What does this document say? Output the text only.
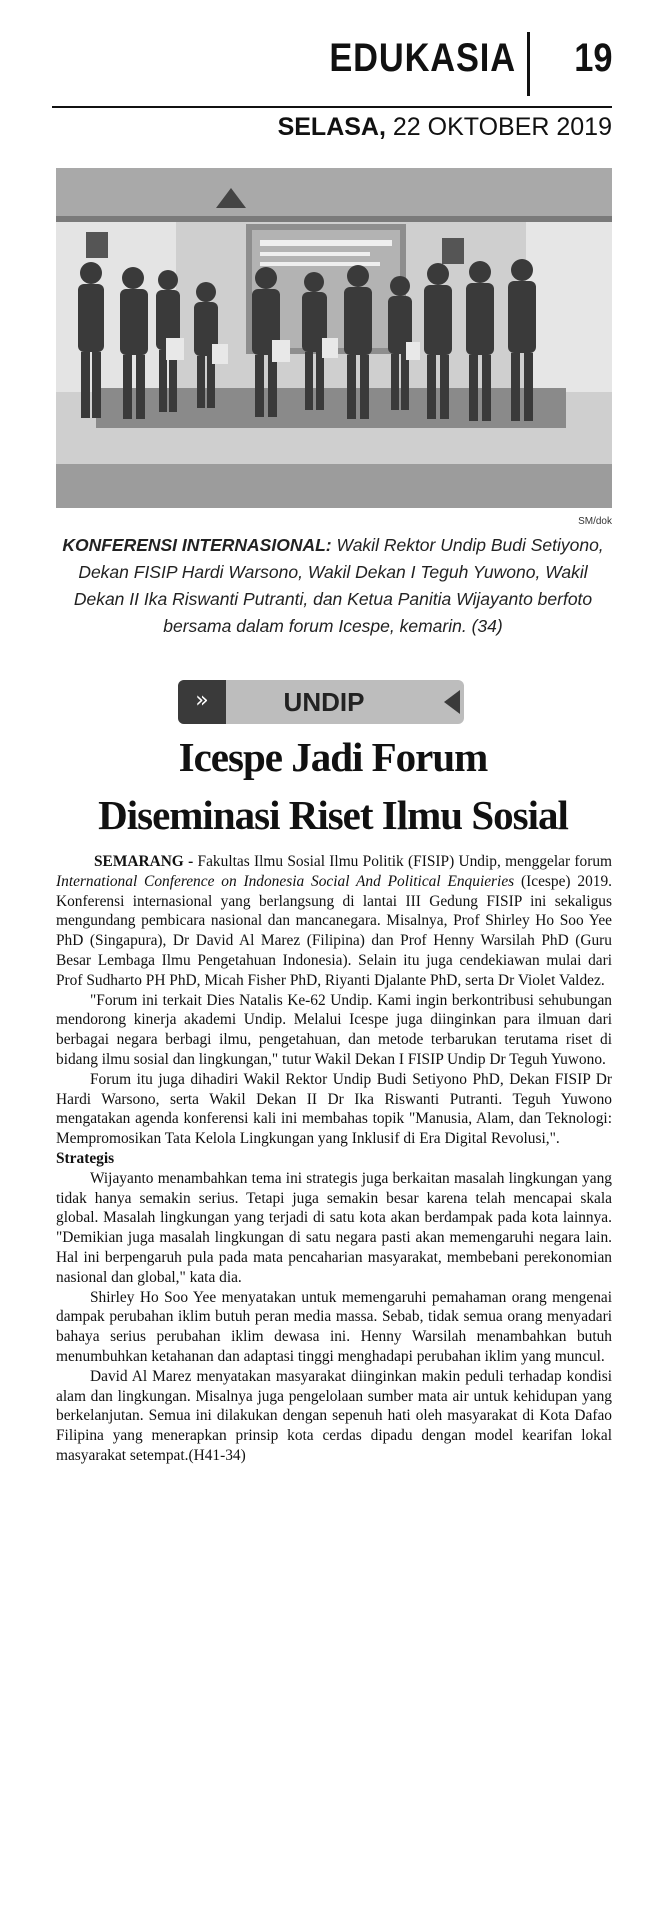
EDUKASIA 19
SELASA, 22 OKTOBER 2019
SM/dok
KONFERENSI INTERNASIONAL: Wakil Rektor Undip Budi Setiyono, Dekan FISIP Hardi Warsono, Wakil Dekan I Teguh Yuwono, Wakil Dekan II Ika Riswanti Putranti, dan Ketua Panitia Wijayanto berfoto bersama dalam forum Icespe, kemarin. (34)
»	UNDIP
Icespe Jadi Forum
Diseminasi Riset Ilmu Sosial

SEMARANG - Fakultas Ilmu Sosial Ilmu Politik (FISIP) Undip, menggelar forum International Conference on Indonesia Social And Political Enquieries (Icespe) 2019. Konferensi internasional yang berlangsung di lantai III Gedung FISIP ini sekaligus mengundang pembicara nasional dan mancanegara. Misalnya, Prof Shirley Ho Soo Yee PhD (Singapura), Dr David Al Marez (Filipina) dan Prof Henny Warsilah PhD (Guru Besar Lembaga Ilmu Pengetahuan Indonesia). Selain itu juga cendekiawan mulai dari Prof Sudharto PH PhD, Micah Fisher PhD, Riyanti Djalante PhD, serta Dr Violet Valdez.

"Forum ini terkait Dies Natalis Ke-62 Undip. Kami ingin berkontribusi sehubungan mendorong kinerja akademi Undip. Melalui Icespe juga diinginkan para ilmuan dari berbagai negara berbagi ilmu, pengetahuan, dan metode terbarukan terutama riset di bidang ilmu sosial dan lingkungan," tutur Wakil Dekan I FISIP Undip Dr Teguh Yuwono.

Forum itu juga dihadiri Wakil Rektor Undip Budi Setiyono PhD, Dekan FISIP Dr Hardi Warsono, serta Wakil Dekan II Dr Ika Riswanti Putranti. Teguh Yuwono mengatakan agenda konferensi kali ini membahas topik "Manusia, Alam, dan Teknologi: Mempromosikan Tata Kelola Lingkungan yang Inklusif di Era Digital Revolusi,".

Strategis

Wijayanto menambahkan tema ini strategis juga berkaitan masalah lingkungan yang tidak hanya semakin serius. Tetapi juga semakin besar karena telah mencapai skala global. Masalah lingkungan yang terjadi di satu kota akan berdampak pada kota lainnya. "Demikian juga masalah lingkungan di satu negara pasti akan memengaruhi negara lain. Hal ini berpengaruh pula pada mata pencaharian masyarakat, membebani perekonomian nasional dan global," kata dia.

Shirley Ho Soo Yee menyatakan untuk memengaruhi pemahaman orang mengenai dampak perubahan iklim butuh peran media massa. Sebab, tidak semua orang menyadari bahaya serius perubahan iklim dewasa ini. Henny Warsilah menambahkan butuh menumbuhkan ketahanan dan adaptasi tinggi menghadapi perubahan iklim yang muncul.

David Al Marez menyatakan masyarakat diinginkan makin peduli terhadap kondisi alam dan lingkungan. Misalnya juga pengelolaan sumber mata air untuk kehidupan yang berkelanjutan. Semua ini dilakukan dengan sepenuh hati oleh masyarakat di Kota Dafao Filipina yang menerapkan prinsip kota cerdas dipadu dengan model kearifan lokal masyarakat setempat.(H41-34)
